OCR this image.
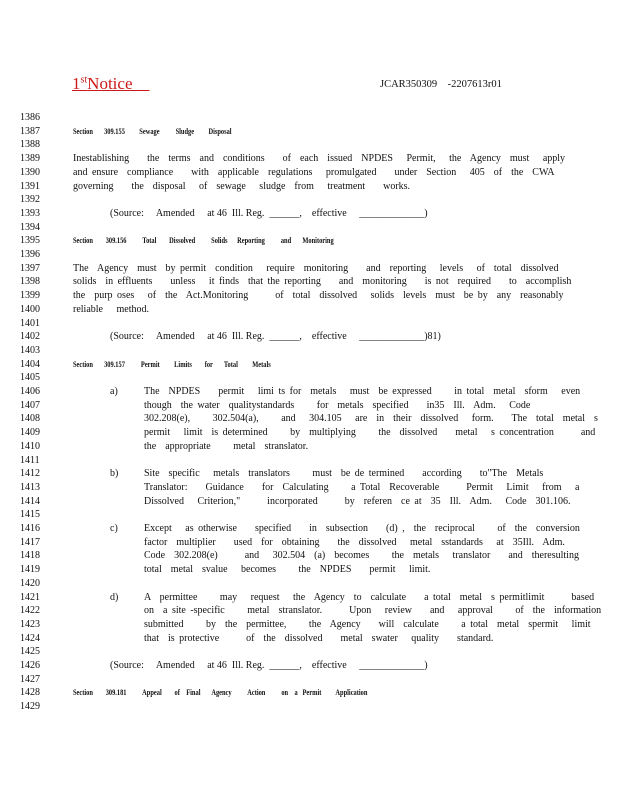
1stNotice	JCAR350309    -2207613r01
1386
1387	Section       309.155         Sewage          Sludge         Disposal
1388
1389	Inestablishing    the  terms  and  conditions    of  each  issued  NPDES   Permit,   the  Agency  must   apply
1390	and ensure  compliance    with  applicable  regulations   promulgated    under  Section   405  of  the  CWA
1391	governing    the  disposal   of  sewage   sludge  from   treatment    works.
1392
1393	(Source:     Amended     at 46  Ill. Reg.  ______,    effective     _____________)
1394
1395	Section        309.156          Total        Dissolved          Solids      Reporting          and       Monitoring
1396
1397	The  Agency  must  by permit  condition   require  monitoring    and  reporting   levels   of  total  dissolved
1398	solids  in effluents    unless   it finds  that the reporting    and  monitoring    is not  required    to  accomplish
1399	the  purp oses   of  the  Act.Monitoring      of  total  dissolved   solids  levels  must  be by  any  reasonably
1400	reliable   method.
1401
1402	(Source:     Amended     at 46  Ill. Reg.  ______,    effective     _____________)81)
1403
1404	Section       309.157          Permit         Limits        for       Total         Metals
1405
1406	a)	The  NPDES    permit   limi ts for  metals   must  be expressed     in total  metal  sform   even
1407	though  the water  qualitystandards     for  metals  specified    in35  Ill.  Adm.   Code
1408	302.208(e),     302.504(a),     and   304.105   are  in  their  dissolved   form.    The  total  metal  s
1409	permit   limit  is determined     by  multiplying     the  dissolved    metal   s concentration      and
1410	the  appropriate     metal  stranslator.
1411
1412	b)	Site  specific   metals  translators     must  be de termined    according    to"The  Metals
1413	Translator:    Guidance    for  Calculating     a Total  Recoverable      Permit   Limit   from   a
1414	Dissolved   Criterion,"      incorporated      by  referen  ce at  35  Ill.  Adm.   Code  301.106.
1415
1416	c)	Except   as otherwise    specified    in  subsection    (d) ,  the  reciprocal     of  the  conversion
1417	factor  multiplier    used  for  obtaining    the  dissolved   metal  sstandards   at  35Ill.  Adm.
1418	Code  302.208(e)      and   302.504  (a)  becomes     the  metals   translator    and  theresulting
1419	total  metal  svalue   becomes     the  NPDES    permit   limit.
1420
1421	d)	A  permittee     may   request   the  Agency  to  calculate    a total  metal  s permitlimit      based
1422	on  a site -specific     metal  stranslator.      Upon   review    and   approval     of  the  information
1423	submitted     by  the  permittee,     the  Agency    will  calculate     a total  metal  spermit   limit
1424	that  is protective      of  the  dissolved    metal  swater   quality    standard.
1425
1426	(Source:     Amended     at 46  Ill. Reg.  ______,    effective     _____________)
1427
1428	Section        309.181          Appeal        of    Final       Agency          Action          on    a   Permit         Application
1429
